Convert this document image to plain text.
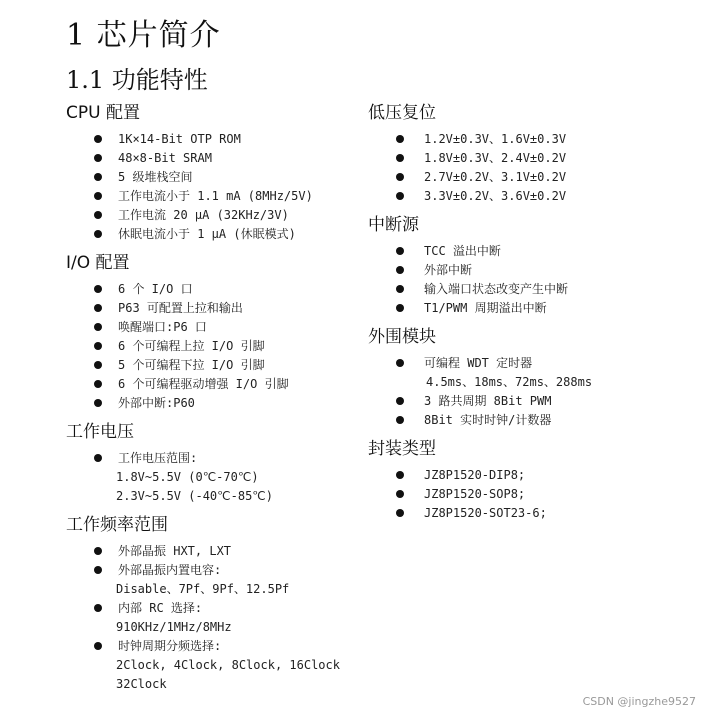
1 芯片简介
1.1 功能特性
CPU 配置
1K×14-Bit OTP ROM
48×8-Bit SRAM
5 级堆栈空间
工作电流小于 1.1 mA (8MHz/5V)
工作电流 20 μA (32KHz/3V)
休眠电流小于 1 μA (休眠模式)
I/O 配置
6 个 I/O 口
P63 可配置上拉和输出
唤醒端口:P6 口
6 个可编程上拉 I/O 引脚
5 个可编程下拉 I/O 引脚
6 个可编程驱动增强 I/O 引脚
外部中断:P60
工作电压
工作电压范围:
1.8V~5.5V (0℃-70℃)
2.3V~5.5V (-40℃-85℃)
工作频率范围
外部晶振 HXT, LXT
外部晶振内置电容:
Disable、7Pf、9Pf、12.5Pf
内部 RC 选择:
910KHz/1MHz/8MHz
时钟周期分频选择:
2Clock, 4Clock, 8Clock, 16Clock
32Clock
低压复位
1.2V±0.3V、1.6V±0.3V
1.8V±0.3V、2.4V±0.2V
2.7V±0.2V、3.1V±0.2V
3.3V±0.2V、3.6V±0.2V
中断源
TCC 溢出中断
外部中断
输入端口状态改变产生中断
T1/PWM 周期溢出中断
外围模块
可编程 WDT 定时器
4.5ms、18ms、72ms、288ms
3 路共周期 8Bit PWM
8Bit 实时时钟/计数器
封装类型
JZ8P1520-DIP8;
JZ8P1520-SOP8;
JZ8P1520-SOT23-6;
CSDN @jingzhe9527
